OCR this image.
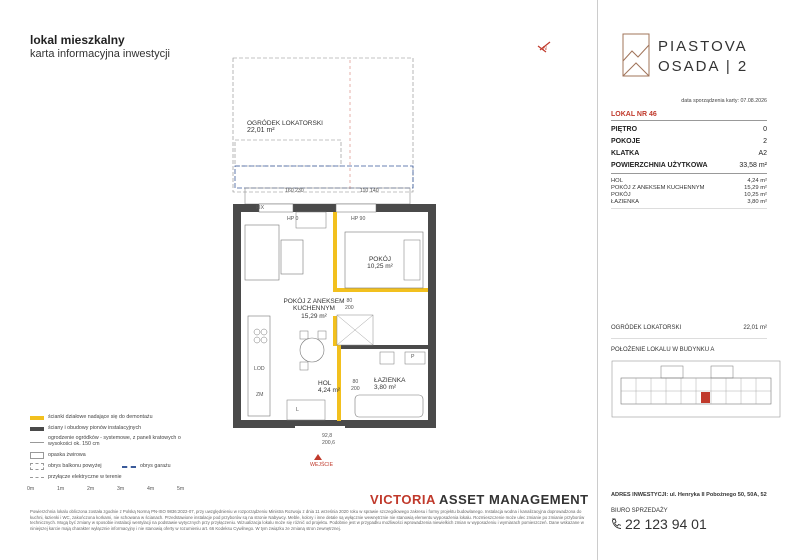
lokal mieszkalny
karta informacyjna inwestycji	N
OGRÓDEK LOKATORSKI
22,01 m²
FIX
HP 0	HP 90
160 230	110 140
POKÓJ
10,25 m²
POKÓJ Z ANEKSEM KUCHENNYM
15,29 m²
HOL
4,24 m²
ŁAZIENKA
3,80 m²
80
200
80
200
92,8
200,6
WEJŚCIE
LOD
ZM
L
P
ścianki działowe nadające się do demontażu
ściany i obudowy pionów instalacyjnych
ogrodzenie ogródków - systemowe, z paneli kratowych o wysokości ok. 150 cm
opaska żwirowa
obrys balkonu powyżej	obrys garażu
przyłącze elektryczne w terenie
0m	1m	2m	3m	4m	5m
VICTORIA ASSET MANAGEMENT
Powierzchnia lokalu obliczona została zgodnie z Polską Normą PN-ISO 9836:2022-07, przy uwzględnieniu w rozporządzeniu Ministra Rozwoju z dnia 11 września 2020 roku w sprawie szczegółowego zakresu i formy projektu budowlanego. Instalacja wodna i kanalizacyjna doprowadzona do kuchni, łazienki i WC, zakończona korkami, nie schowana w ścianach. Przedstawione instalacje pod przyborów są na stronie Nabywcy. Meble, kolory i inne detale są wyłącznie wewnętrznie nie stanowią elementu wyposażenia lokalu. Rozmieszczenie może ulec zmianie po zmianie przyborów technicznych. Mogą być zmiany w sposobie instalacji wentylacji na podstawie wytycznych przy przyłączeniu. Wizualizacja lokalu może się różnić od projektu. Podobnie jest w przypadku możliwości wprowadzenia niewielkich zmian w wyposażeniu i wymiarach pomieszczeń. Dane wskazane w niniejszej karcie mają charakter wyłącznie informacyjny i nie stanowią oferty w rozumieniu art. 66 Kodeksu Cywilnego. W tym związku ze zmianą stron zewnętrznej.
PIASTOVA
OSADA | 2
data sporządzenia karty: 07.08.2026
LOKAL NR 46
PIĘTRO	0
POKOJE	2
KLATKA	A2
POWIERZCHNIA UŻYTKOWA	33,58 m²
HOL	4,24 m²
POKÓJ Z ANEKSEM KUCHENNYM	15,29 m²
POKÓJ	10,25 m²
ŁAZIENKA	3,80 m²
OGRÓDEK LOKATORSKI	22,01 m²
POŁOŻENIE LOKALU W BUDYNKU A
ADRES INWESTYCJI: ul. Henryka II Pobożnego 50, 50A, 52
BIURO SPRZEDAŻY
22 123 94 01
